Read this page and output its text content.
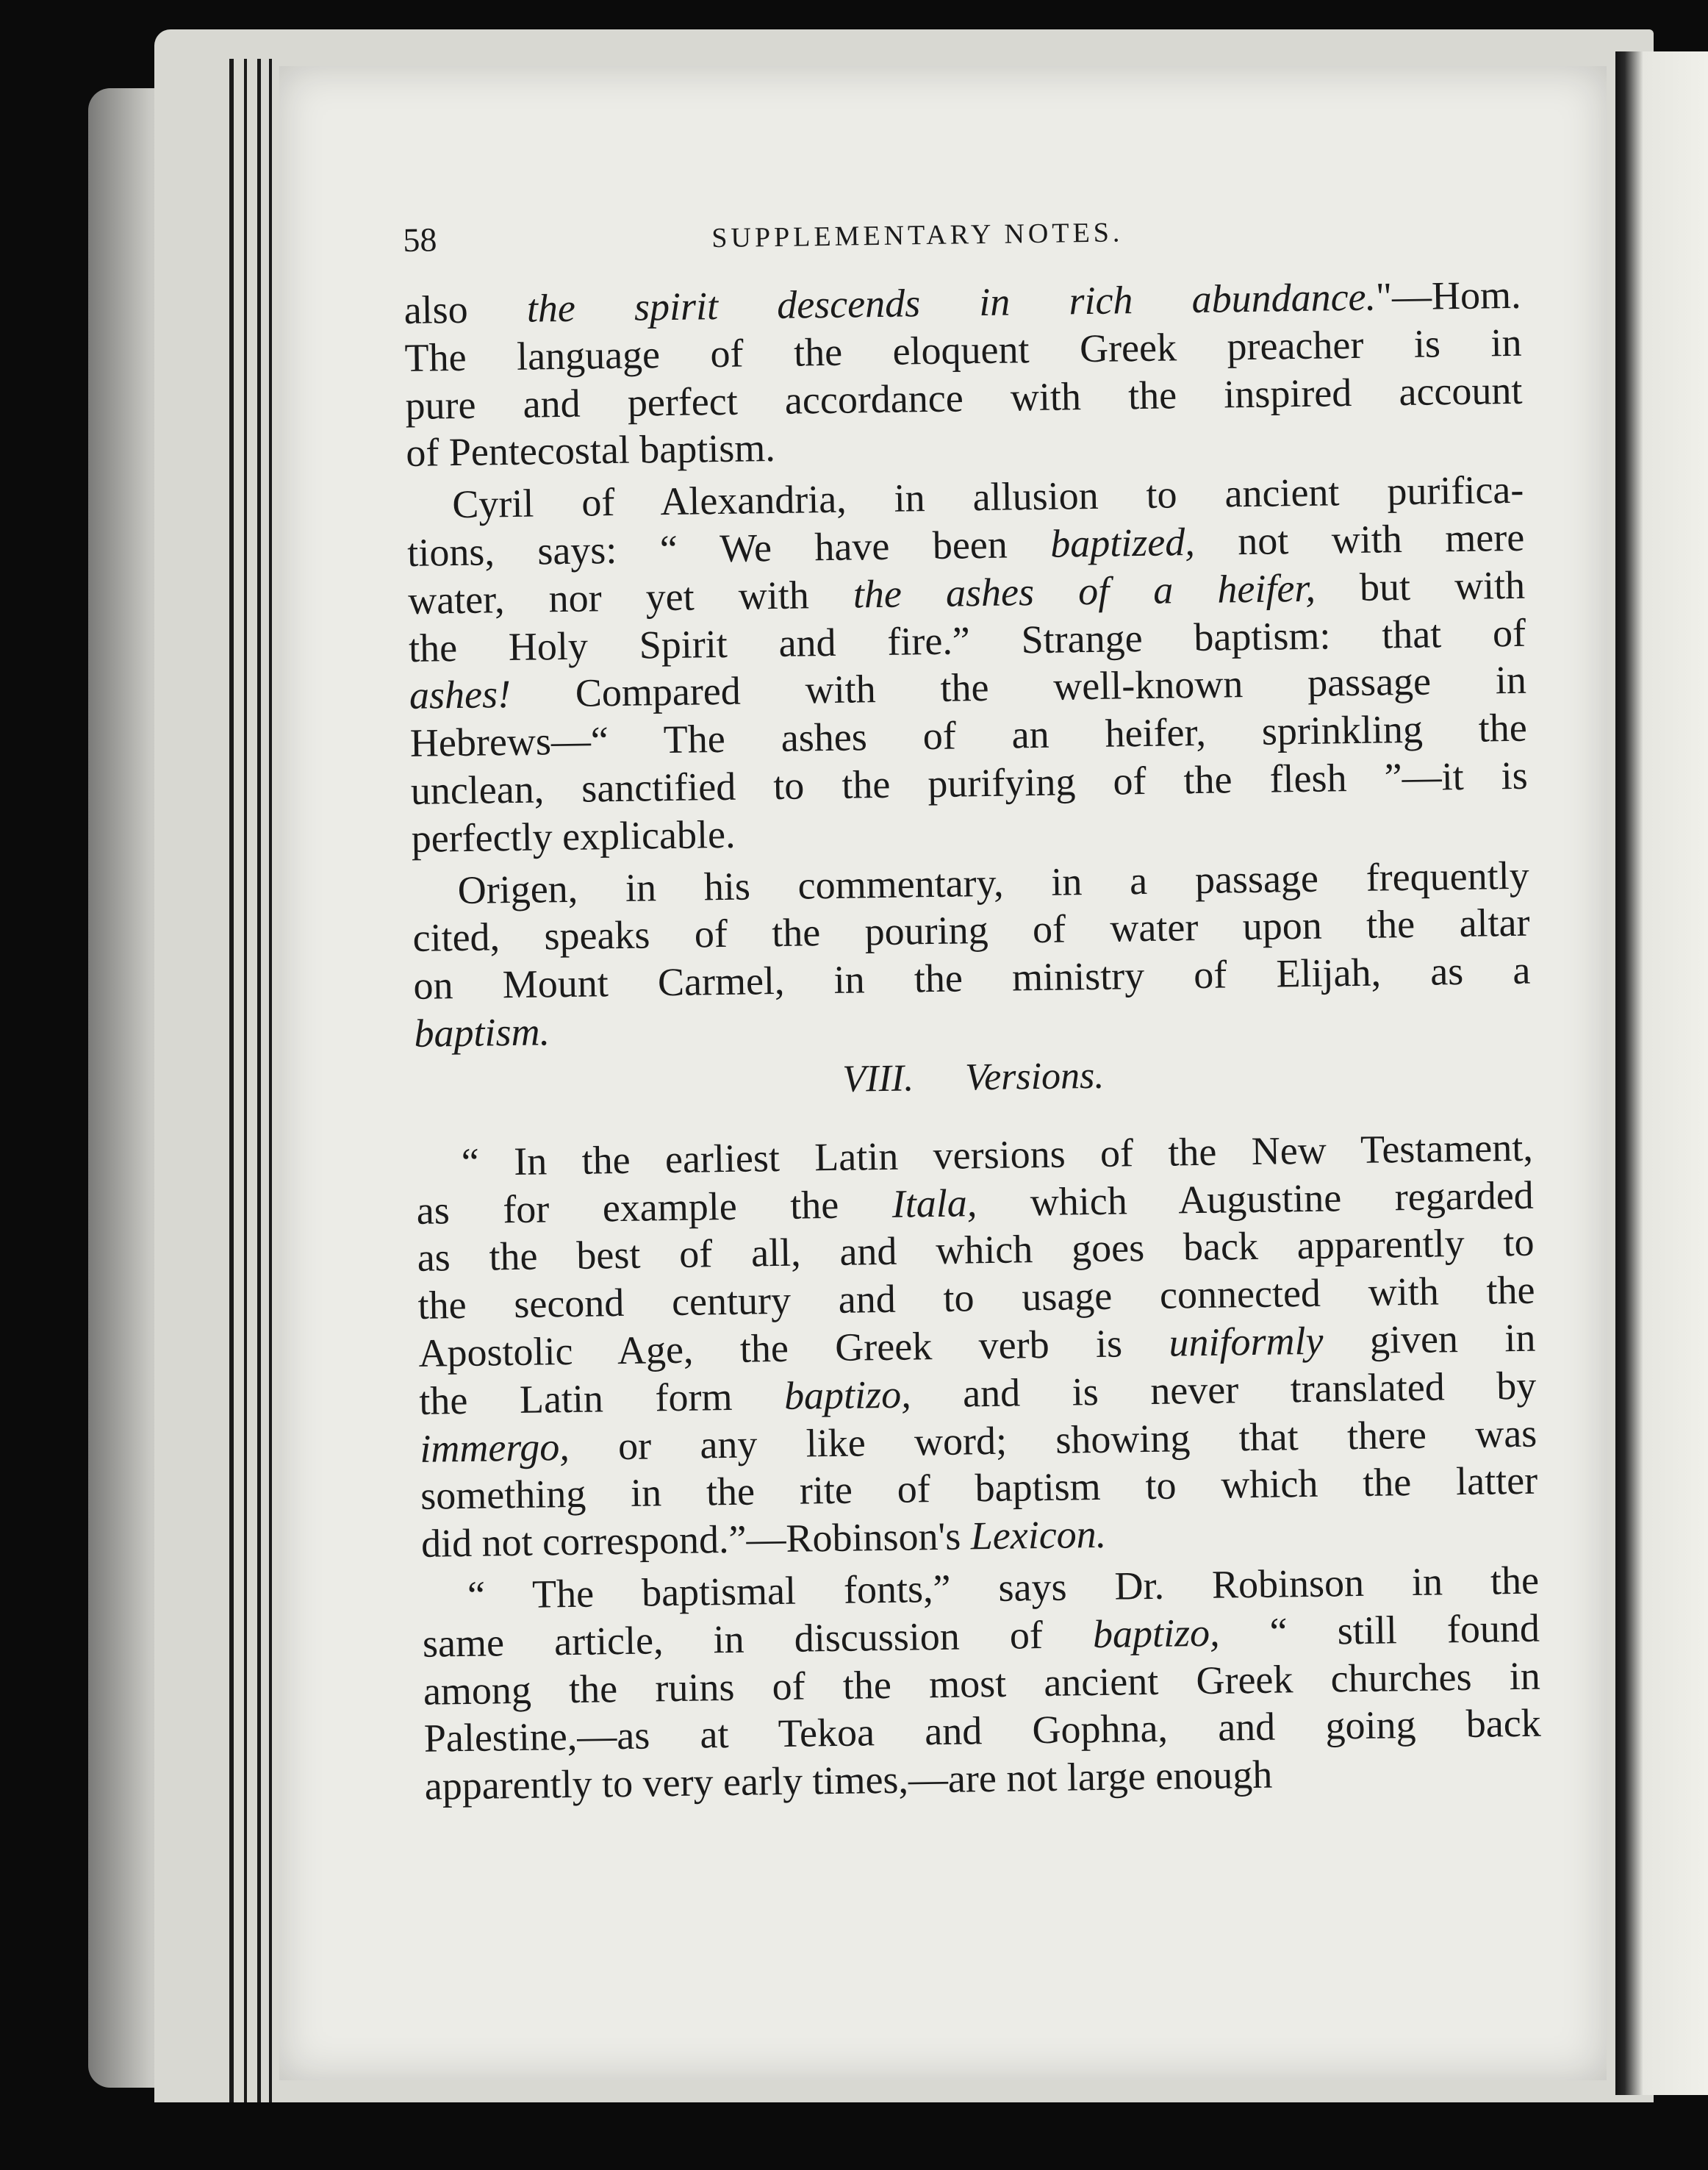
58	SUPPLEMENTARY NOTES.
also the spirit descends in rich abundance."—Hom.
The language of the eloquent Greek preacher is in
pure and perfect accordance with the inspired account
of Pentecostal baptism.
Cyril of Alexandria, in allusion to ancient purifica-
tions, says: “ We have been baptized, not with mere
water, nor yet with the ashes of a heifer, but with
the Holy Spirit and fire.” Strange baptism: that of
ashes! Compared with the well-known passage in
Hebrews—“ The ashes of an heifer, sprinkling the
unclean, sanctified to the purifying of the flesh ”—it is
perfectly explicable.
Origen, in his commentary, in a passage frequently
cited, speaks of the pouring of water upon the altar
on Mount Carmel, in the ministry of Elijah, as a
baptism.
VIII. Versions.
“ In the earliest Latin versions of the New Testament,
as for example the Itala, which Augustine regarded
as the best of all, and which goes back apparently to
the second century and to usage connected with the
Apostolic Age, the Greek verb is uniformly given in
the Latin form baptizo, and is never translated by
immergo, or any like word; showing that there was
something in the rite of baptism to which the latter
did not correspond.”—Robinson's Lexicon.
“ The baptismal fonts,” says Dr. Robinson in the
same article, in discussion of baptizo, “ still found
among the ruins of the most ancient Greek churches in
Palestine,—as at Tekoa and Gophna, and going back
apparently to very early times,—are not large enough
